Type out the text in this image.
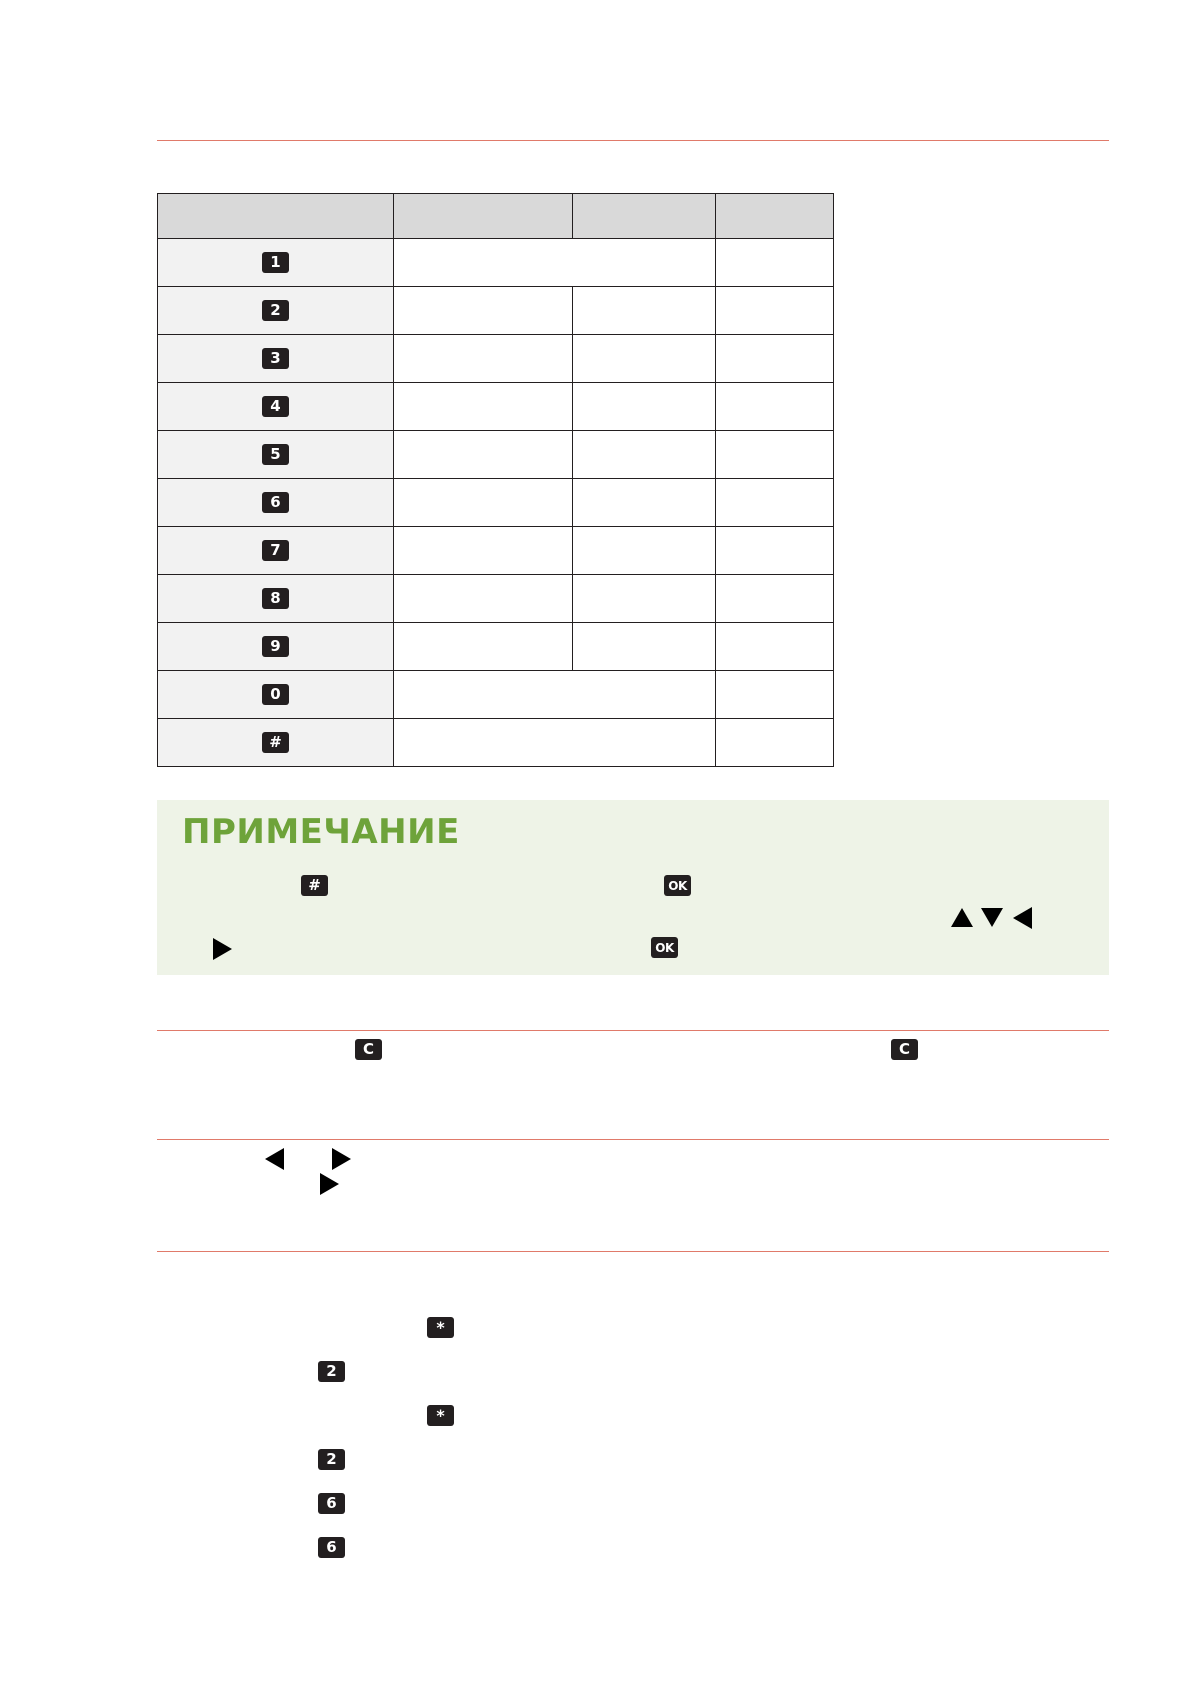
1			
2			
3			
4			
5			
6			
7			
8			
9			
0			
#			
ПРИМЕЧАНИЕ
#	OK
OK
C	C
*
2
*
2
6
6
